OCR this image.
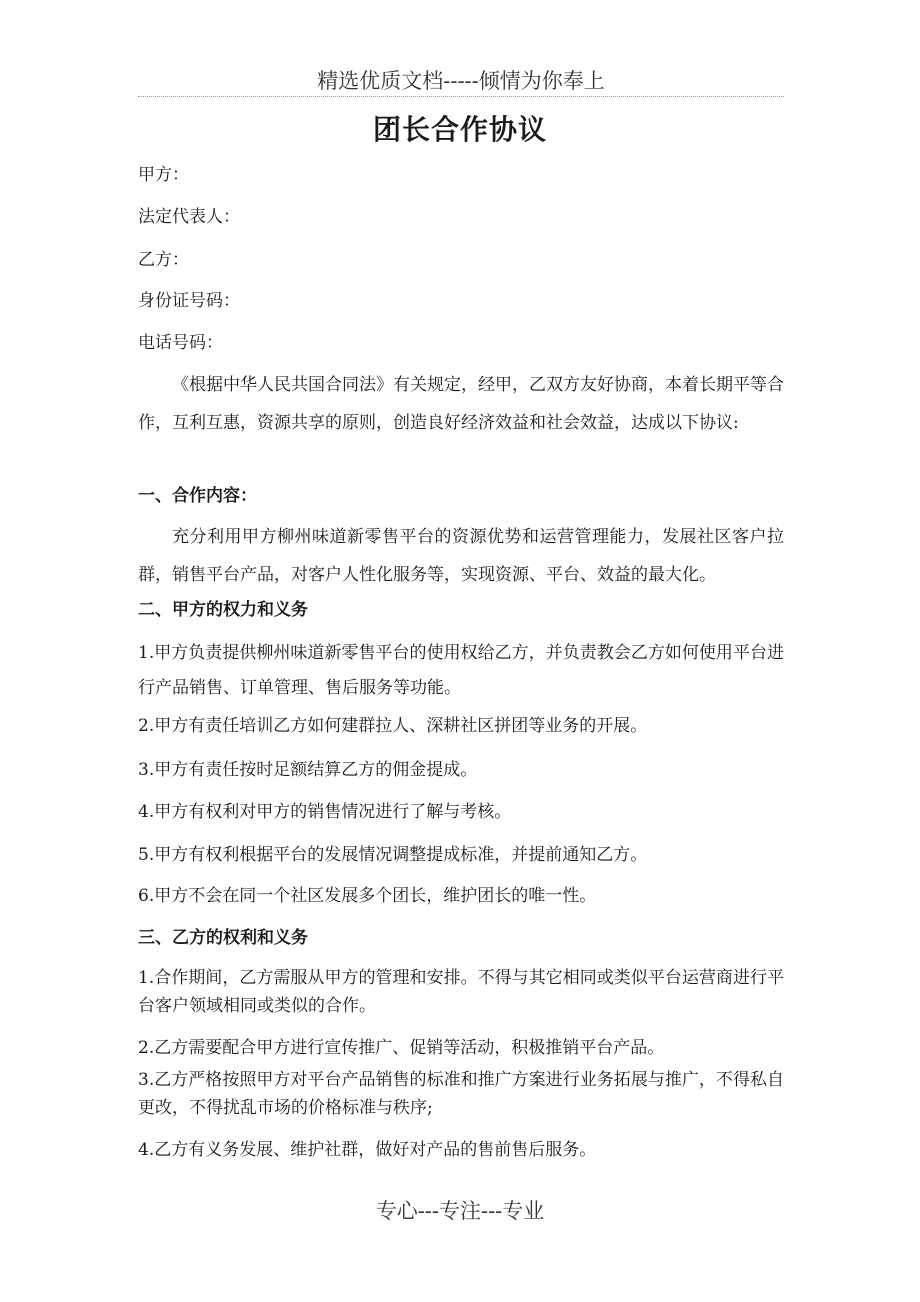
精选优质文档-----倾情为你奉上
团长合作协议
甲方：
法定代表人：
乙方：
身份证号码：
电话号码：
《根据中华人民共国合同法》有关规定，经甲，乙双方友好协商，本着长期平等合作，互利互惠，资源共享的原则，创造良好经济效益和社会效益，达成以下协议:
一、合作内容：
充分利用甲方柳州味道新零售平台的资源优势和运营管理能力，发展社区客户拉群，销售平台产品，对客户人性化服务等，实现资源、平台、效益的最大化。
二、甲方的权力和义务
1.甲方负责提供柳州味道新零售平台的使用权给乙方，并负责教会乙方如何使用平台进行产品销售、订单管理、售后服务等功能。
2.甲方有责任培训乙方如何建群拉人、深耕社区拼团等业务的开展。
3.甲方有责任按时足额结算乙方的佣金提成。
4.甲方有权利对甲方的销售情况进行了解与考核。
5.甲方有权利根据平台的发展情况调整提成标准，并提前通知乙方。
6.甲方不会在同一个社区发展多个团长，维护团长的唯一性。
三、乙方的权利和义务
1.合作期间，乙方需服从甲方的管理和安排。不得与其它相同或类似平台运营商进行平台客户领域相同或类似的合作。
2.乙方需要配合甲方进行宣传推广、促销等活动，积极推销平台产品。
3.乙方严格按照甲方对平台产品销售的标准和推广方案进行业务拓展与推广，不得私自更改，不得扰乱市场的价格标准与秩序;
4.乙方有义务发展、维护社群，做好对产品的售前售后服务。
专心---专注---专业
